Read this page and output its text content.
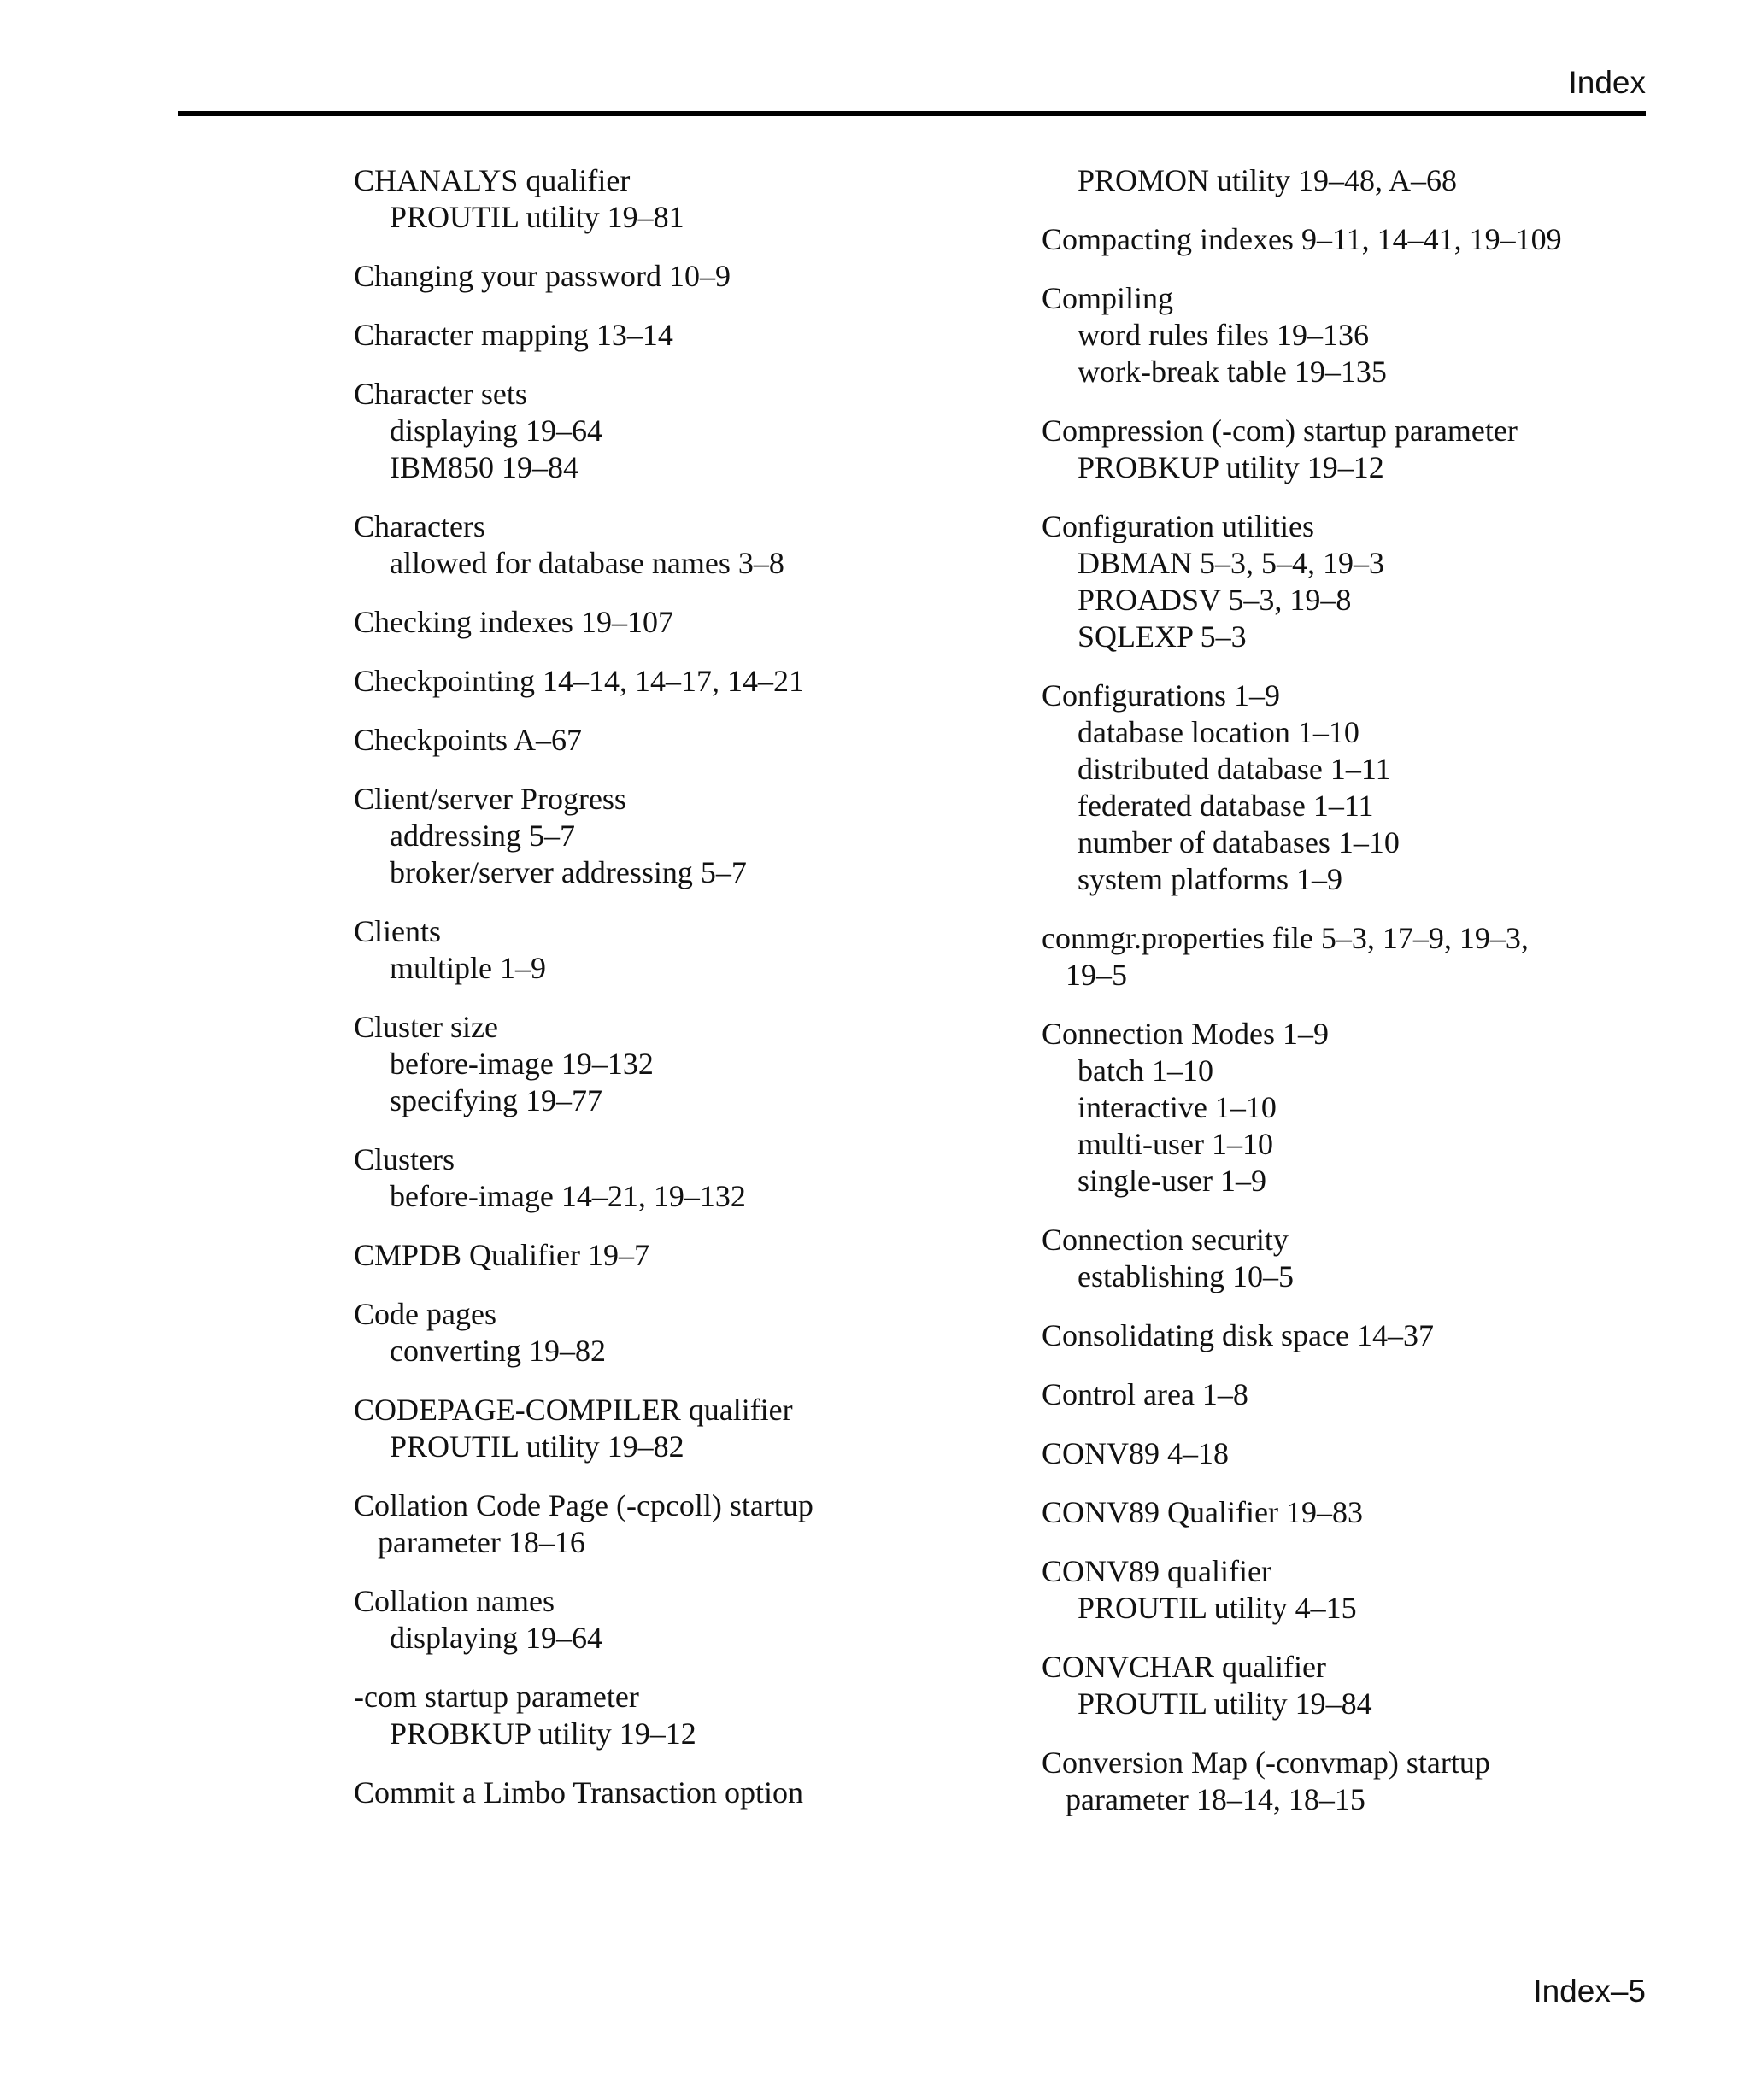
Index
CHANALYS qualifier
PROUTIL utility 19–81
Changing your password 10–9
Character mapping 13–14
Character sets
displaying 19–64
IBM850 19–84
Characters
allowed for database names 3–8
Checking indexes 19–107
Checkpointing 14–14, 14–17, 14–21
Checkpoints A–67
Client/server Progress
addressing 5–7
broker/server addressing 5–7
Clients
multiple 1–9
Cluster size
before-image 19–132
specifying 19–77
Clusters
before-image 14–21, 19–132
CMPDB Qualifier 19–7
Code pages
converting 19–82
CODEPAGE-COMPILER qualifier
PROUTIL utility 19–82
Collation Code Page (-cpcoll) startup
parameter 18–16
Collation names
displaying 19–64
-com startup parameter
PROBKUP utility 19–12
Commit a Limbo Transaction option
PROMON utility 19–48, A–68
Compacting indexes 9–11, 14–41, 19–109
Compiling
word rules files 19–136
work-break table 19–135
Compression (-com) startup parameter
PROBKUP utility 19–12
Configuration utilities
DBMAN 5–3, 5–4, 19–3
PROADSV 5–3, 19–8
SQLEXP 5–3
Configurations 1–9
database location 1–10
distributed database 1–11
federated database 1–11
number of databases 1–10
system platforms 1–9
conmgr.properties file 5–3, 17–9, 19–3,
19–5
Connection Modes 1–9
batch 1–10
interactive 1–10
multi-user 1–10
single-user 1–9
Connection security
establishing 10–5
Consolidating disk space 14–37
Control area 1–8
CONV89 4–18
CONV89 Qualifier 19–83
CONV89 qualifier
PROUTIL utility 4–15
CONVCHAR qualifier
PROUTIL utility 19–84
Conversion Map (-convmap) startup
parameter 18–14, 18–15
Index–5
